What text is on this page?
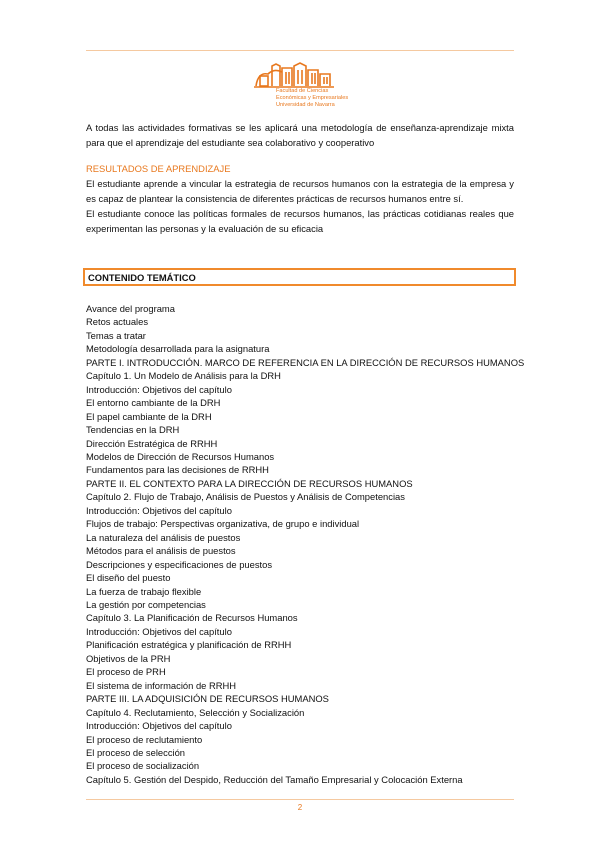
Facultad de Ciencias
Económicas y Empresariales
Universidad de Navarra

A todas las actividades formativas se les aplicará una metodología de enseñanza-aprendizaje mixta para que el aprendizaje del estudiante sea colaborativo y cooperativo

RESULTADOS DE APRENDIZAJE

El estudiante aprende a vincular la estrategia de recursos humanos con la estrategia de la empresa y es capaz de plantear la consistencia de diferentes prácticas de recursos humanos entre sí.

El estudiante conoce las políticas formales de recursos humanos, las prácticas cotidianas reales que experimentan las personas y la evaluación de su eficacia

CONTENIDO TEMÁTICO
Avance del programa
Retos actuales
Temas a tratar
Metodología desarrollada para la asignatura
PARTE I. INTRODUCCIÓN. MARCO DE REFERENCIA EN LA DIRECCIÓN DE RECURSOS HUMANOS
Capítulo 1. Un Modelo de Análisis para la DRH
Introducción: Objetivos del capítulo
El entorno cambiante de la DRH
El papel cambiante de la DRH
Tendencias en la DRH
Dirección Estratégica de RRHH
Modelos de Dirección de Recursos Humanos
Fundamentos para las decisiones de RRHH
PARTE II. EL CONTEXTO PARA LA DIRECCIÓN DE RECURSOS HUMANOS
Capítulo 2. Flujo de Trabajo, Análisis de Puestos y Análisis de Competencias
Introducción: Objetivos del capítulo
Flujos de trabajo: Perspectivas organizativa, de grupo e individual
La naturaleza del análisis de puestos
Métodos para el análisis de puestos
Descripciones y especificaciones de puestos
El diseño del puesto
La fuerza de trabajo flexible
La gestión por competencias
Capítulo 3. La Planificación de Recursos Humanos
Introducción: Objetivos del capítulo
Planificación estratégica y planificación de RRHH
Objetivos de la PRH
El proceso de PRH
El sistema de información de RRHH
PARTE III. LA ADQUISICIÓN DE RECURSOS HUMANOS
Capítulo 4. Reclutamiento, Selección y Socialización
Introducción: Objetivos del capítulo
El proceso de reclutamiento
El proceso de selección
El proceso de socialización
Capítulo 5. Gestión del Despido, Reducción del Tamaño Empresarial y Colocación Externa
2
